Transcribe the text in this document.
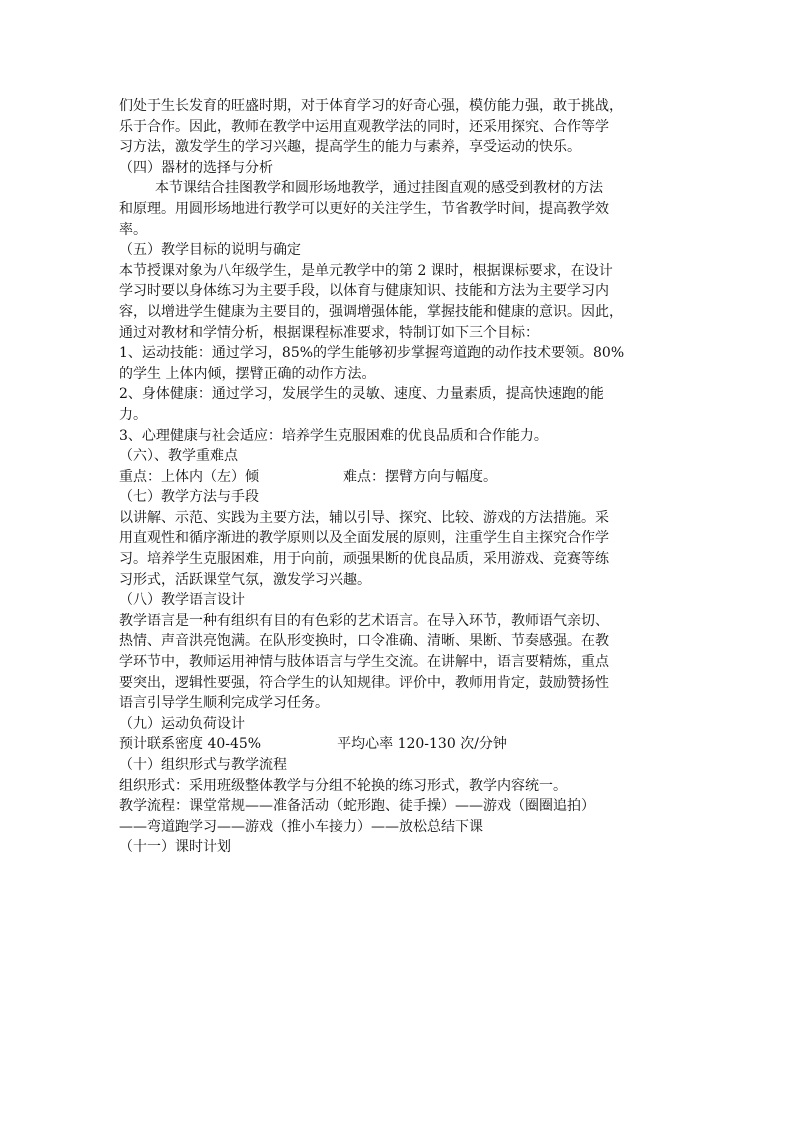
们处于生长发育的旺盛时期，对于体育学习的好奇心强，模仿能力强，敢于挑战，
乐于合作。因此，教师在教学中运用直观教学法的同时，还采用探究、合作等学
习方法，激发学生的学习兴趣，提高学生的能力与素养，享受运动的快乐。
（四）器材的选择与分析
本节课结合挂图教学和圆形场地教学，通过挂图直观的感受到教材的方法
和原理。用圆形场地进行教学可以更好的关注学生，节省教学时间，提高教学效
率。
（五）教学目标的说明与确定
本节授课对象为八年级学生，是单元教学中的第 2 课时，根据课标要求，在设计
学习时要以身体练习为主要手段，以体育与健康知识、技能和方法为主要学习内
容，以增进学生健康为主要目的，强调增强体能，掌握技能和健康的意识。因此，
通过对教材和学情分析，根据课程标准要求，特制订如下三个目标：
1、运动技能：通过学习，85%的学生能够初步掌握弯道跑的动作技术要领。80%
的学生 上体内倾，摆臂正确的动作方法。
2、身体健康：通过学习，发展学生的灵敏、速度、力量素质，提高快速跑的能
力。
3、心理健康与社会适应：培养学生克服困难的优良品质和合作能力。
（六）、教学重难点
重点：上体内（左）倾	难点：摆臂方向与幅度。
（七）教学方法与手段
以讲解、示范、实践为主要方法，辅以引导、探究、比较、游戏的方法措施。采
用直观性和循序渐进的教学原则以及全面发展的原则，注重学生自主探究合作学
习。培养学生克服困难，用于向前，顽强果断的优良品质，采用游戏、竞赛等练
习形式，活跃课堂气氛，激发学习兴趣。
（八）教学语言设计
教学语言是一种有组织有目的有色彩的艺术语言。在导入环节，教师语气亲切、
热情、声音洪亮饱满。在队形变换时，口令准确、清晰、果断、节奏感强。在教
学环节中，教师运用神情与肢体语言与学生交流。在讲解中，语言要精炼，重点
要突出，逻辑性要强，符合学生的认知规律。评价中，教师用肯定，鼓励赞扬性
语言引导学生顺利完成学习任务。
（九）运动负荷设计
预计联系密度 40-45%	平均心率 120-130 次/分钟
（十）组织形式与教学流程
组织形式：采用班级整体教学与分组不轮换的练习形式，教学内容统一。
教学流程：课堂常规——准备活动（蛇形跑、徒手操）——游戏（圈圈追拍）
——弯道跑学习——游戏（推小车接力）——放松总结下课
（十一）课时计划
